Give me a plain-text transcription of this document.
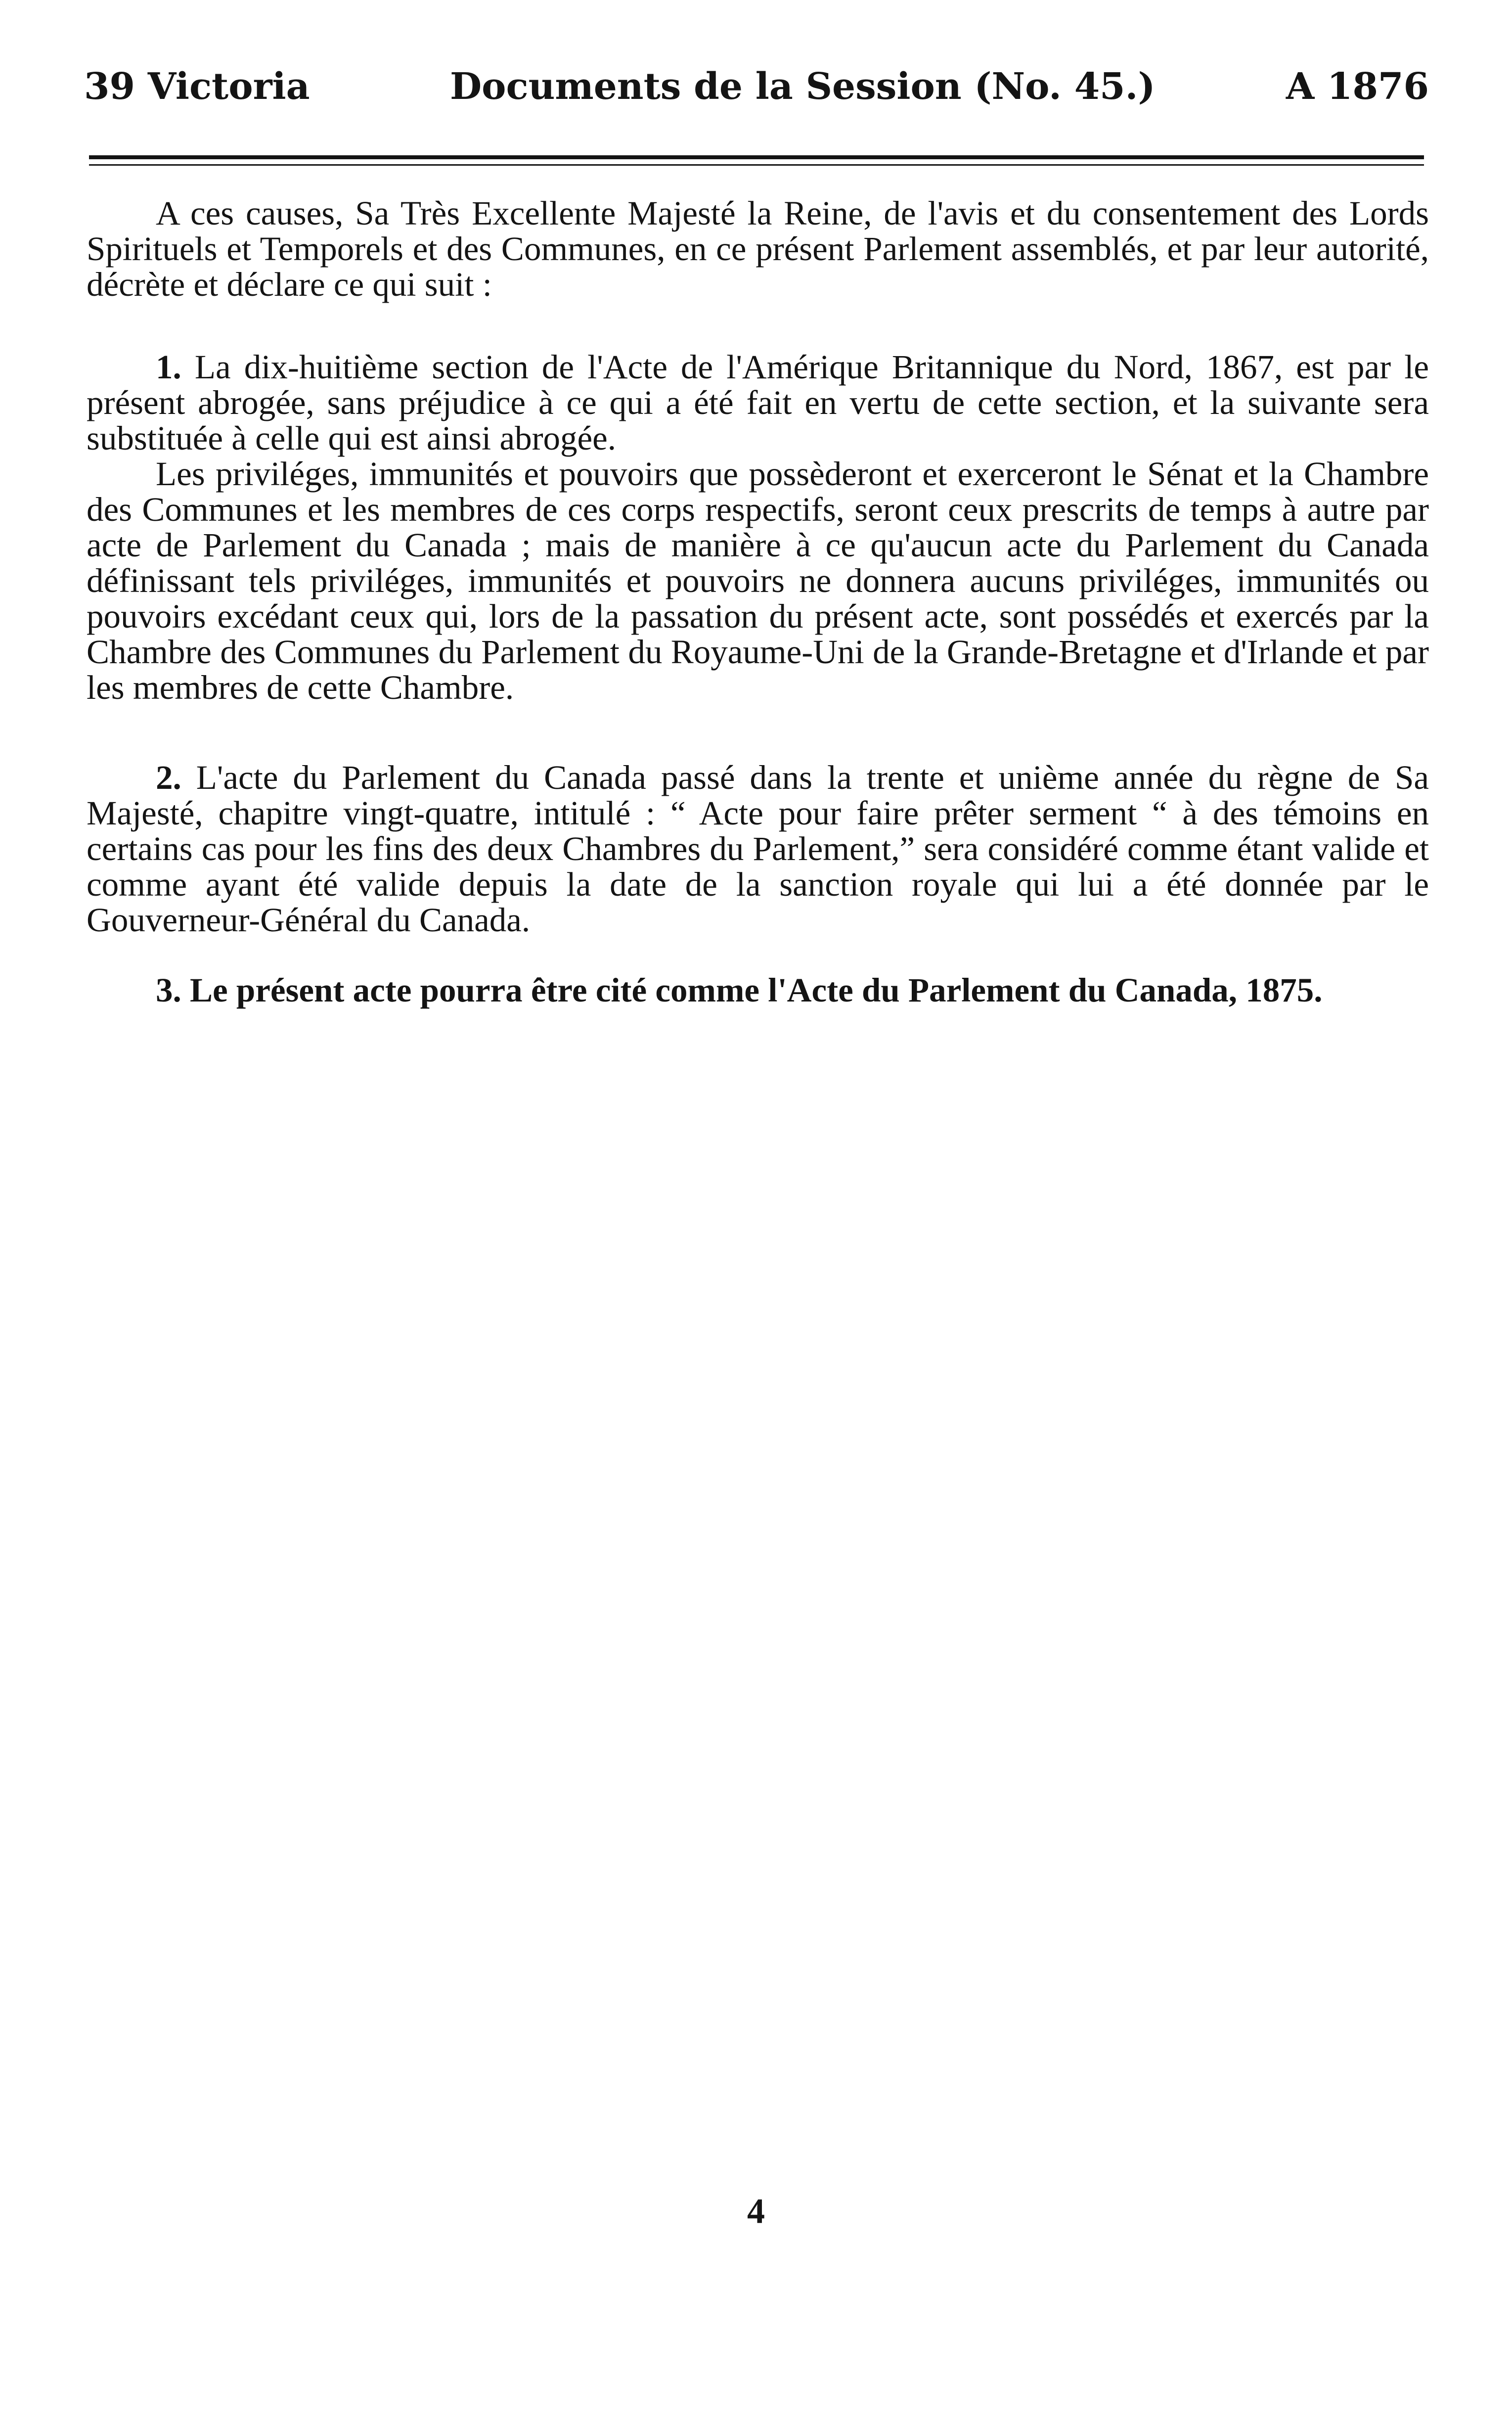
39 Victoria	Documents de la Session (No. 45.)	A 1876

A ces causes, Sa Très Excellente Majesté la Reine, de l'avis et du consentement des Lords Spirituels et Temporels et des Communes, en ce présent Parlement assemblés, et par leur autorité, décrète et déclare ce qui suit :

1. La dix-huitième section de l'Acte de l'Amérique Britannique du Nord, 1867, est par le présent abrogée, sans préjudice à ce qui a été fait en vertu de cette section, et la suivante sera substituée à celle qui est ainsi abrogée.

Les priviléges, immunités et pouvoirs que possèderont et exerceront le Sénat et la Chambre des Communes et les membres de ces corps respectifs, seront ceux prescrits de temps à autre par acte de Parlement du Canada ; mais de manière à ce qu'aucun acte du Parlement du Canada définissant tels priviléges, immunités et pouvoirs ne donnera aucuns priviléges, immunités ou pouvoirs excédant ceux qui, lors de la passation du présent acte, sont possédés et exercés par la Chambre des Communes du Parlement du Royaume-Uni de la Grande-Bretagne et d'Irlande et par les membres de cette Chambre.

2. L'acte du Parlement du Canada passé dans la trente et unième année du règne de Sa Majesté, chapitre vingt-quatre, intitulé : “ Acte pour faire prêter serment “ à des témoins en certains cas pour les fins des deux Chambres du Parlement,” sera considéré comme étant valide et comme ayant été valide depuis la date de la sanction royale qui lui a été donnée par le Gouverneur-Général du Canada.

3. Le présent acte pourra être cité comme l'Acte du Parlement du Canada, 1875.

4
